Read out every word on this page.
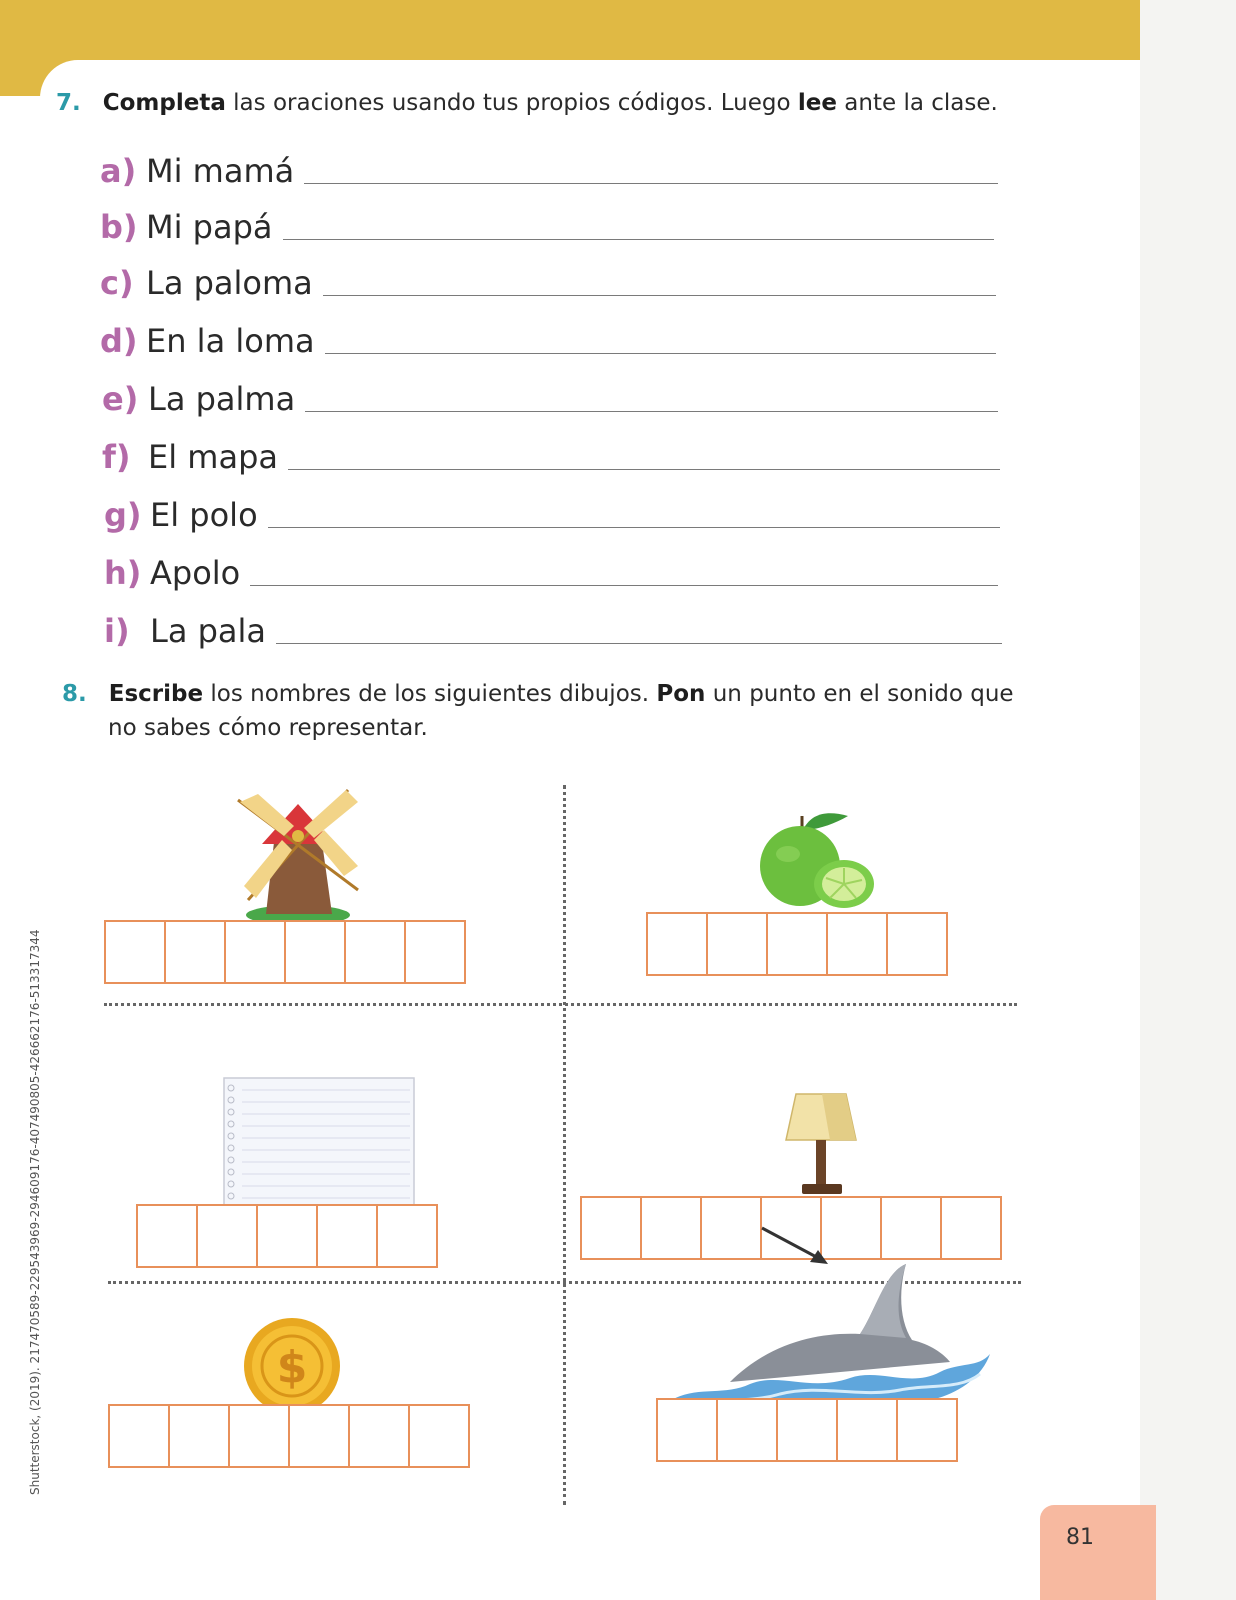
7. Completa las oraciones usando tus propios códigos. Luego lee ante la clase.
a) Mi mamá
b) Mi papá
c) La paloma
d) En la loma
e) La palma
f) El mapa
g) El polo
h) Apolo
i) La pala
8. Escribe los nombres de los siguientes dibujos. Pon un punto en el sonido que
no sabes cómo representar.
$
Shutterstock, (2019). 217470589-229543969-294609176-407490805-426662176-513317344
81
